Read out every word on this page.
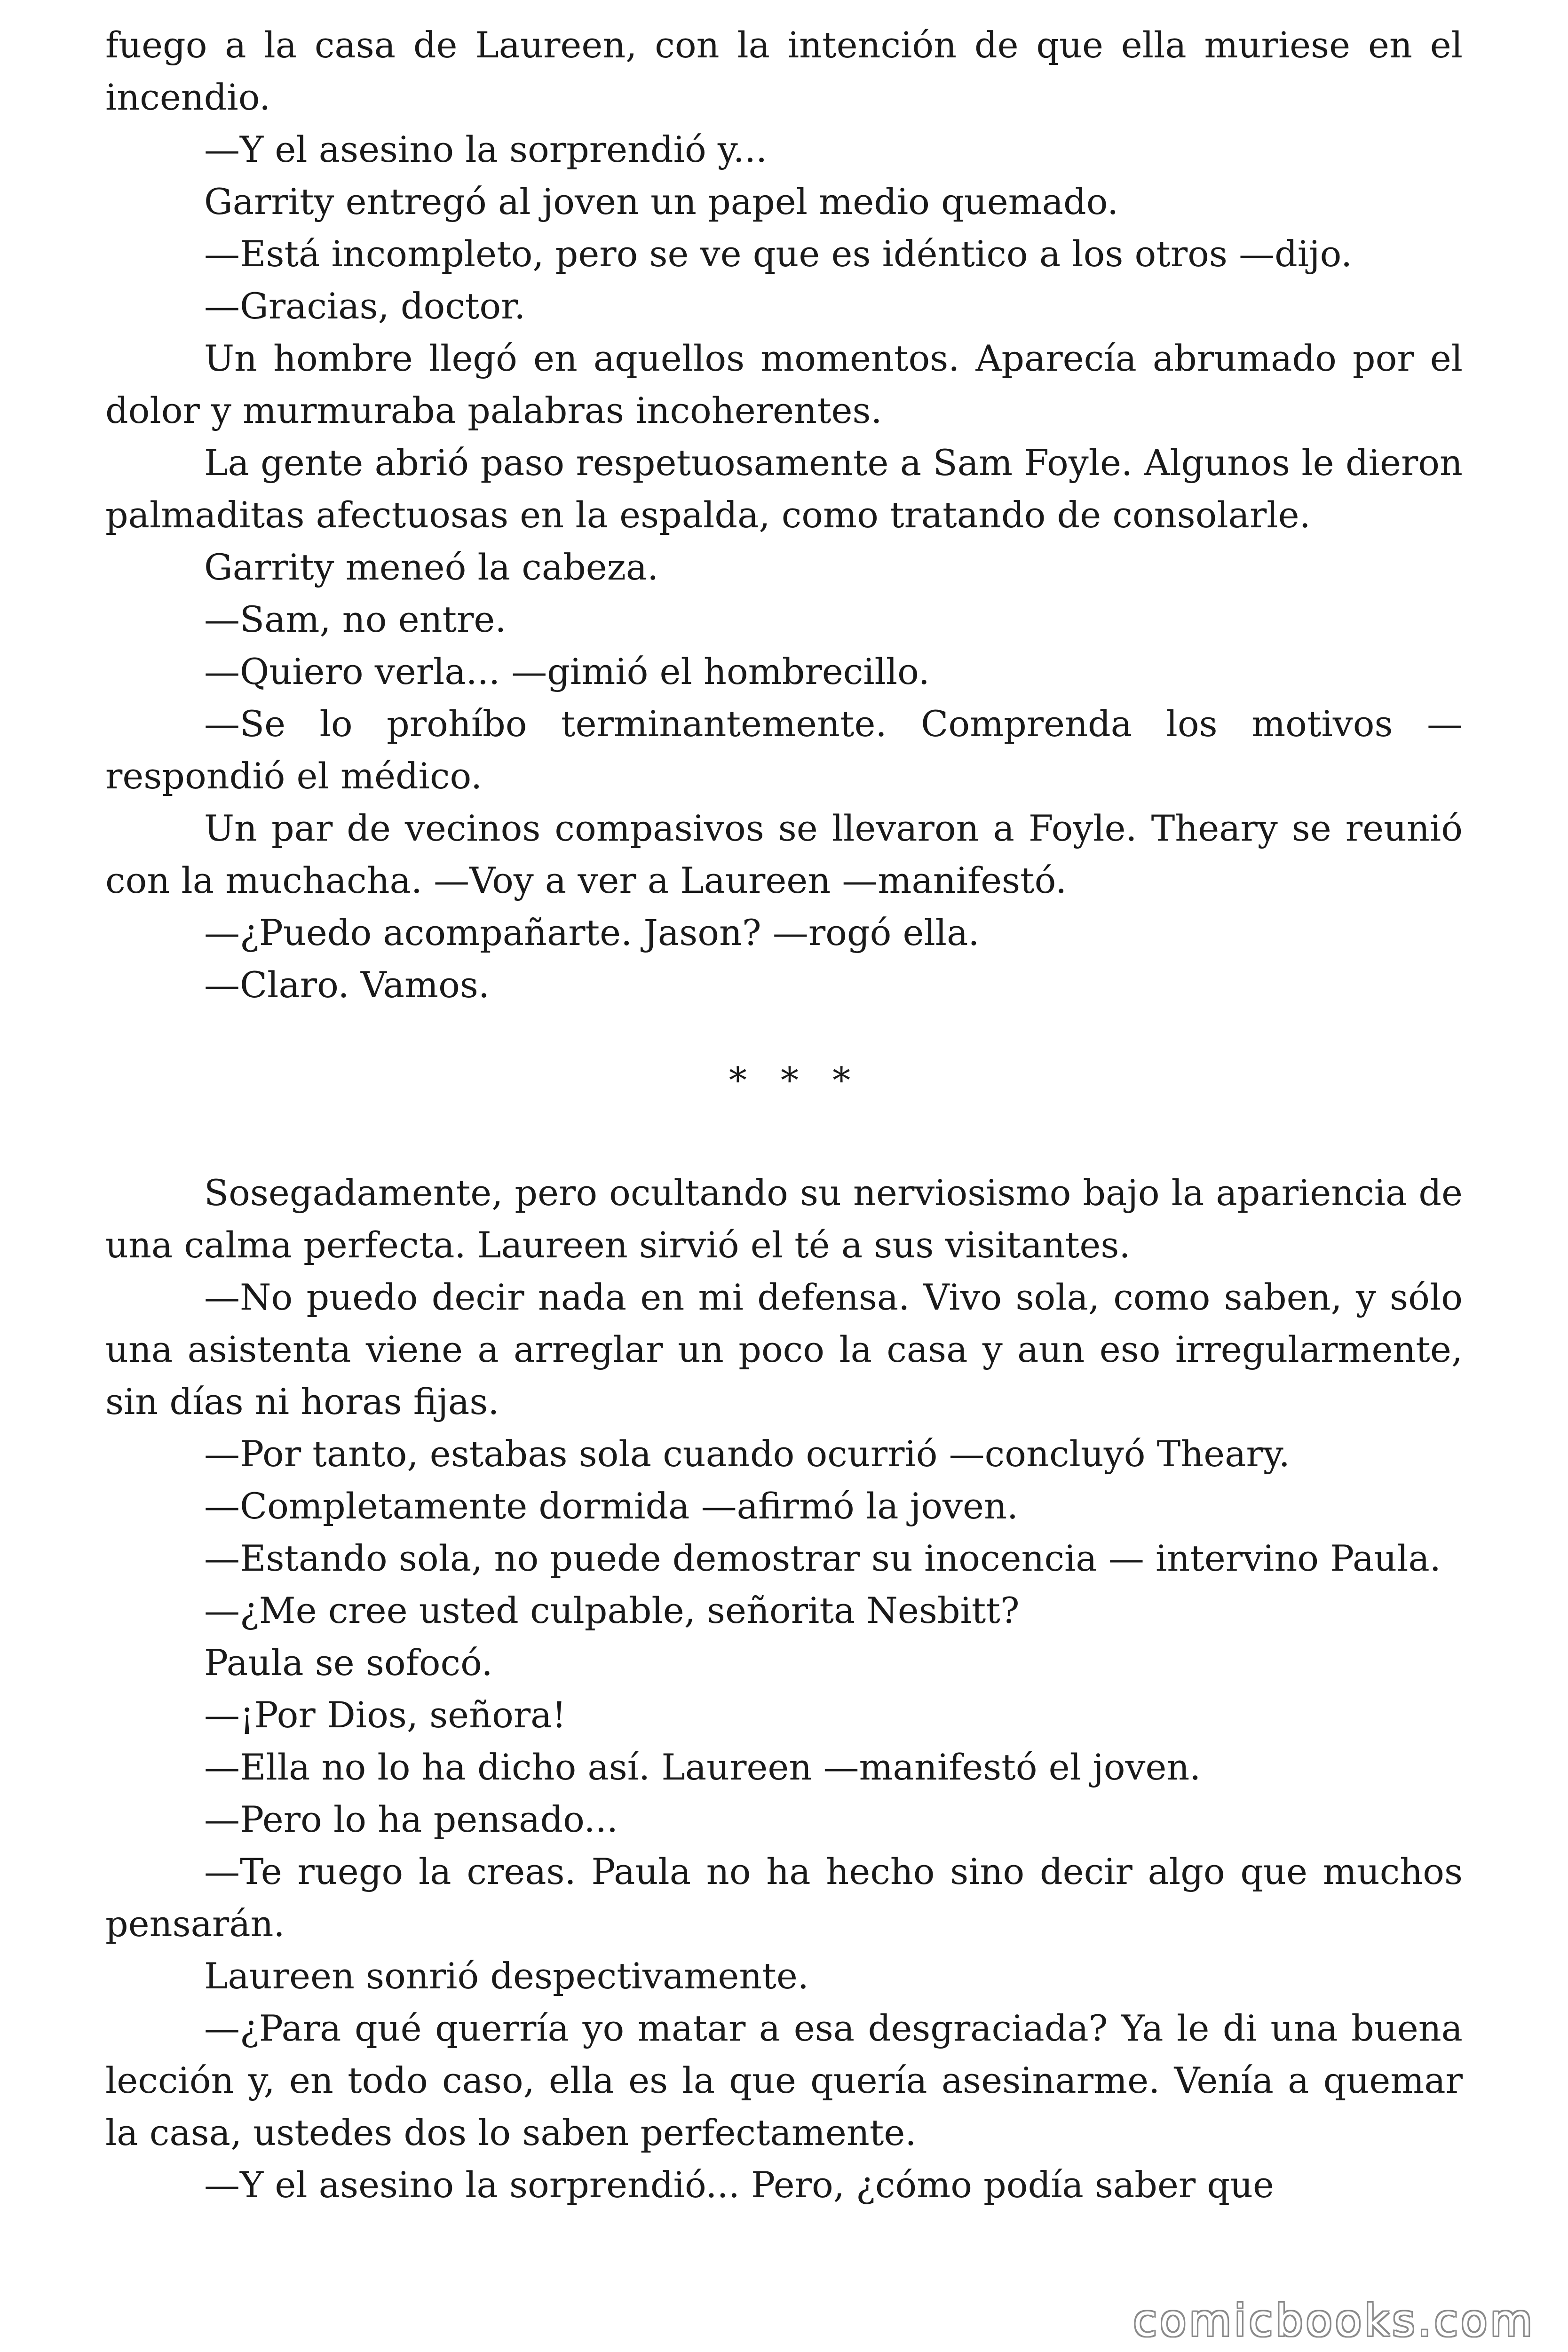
fuego a la casa de Laureen, con la intención de que ella muriese en el incendio.

—Y el asesino la sorprendió y...

Garrity entregó al joven un papel medio quemado.

—Está incompleto, pero se ve que es idéntico a los otros —dijo.

—Gracias, doctor.

Un hombre llegó en aquellos momentos. Aparecía abrumado por el dolor y murmuraba palabras incoherentes.

La gente abrió paso respetuosamente a Sam Foyle. Algunos le dieron palmaditas afectuosas en la espalda, como tratando de consolarle.

Garrity meneó la cabeza.

—Sam, no entre.

—Quiero verla... —gimió el hombrecillo.

—Se lo prohíbo terminantemente. Comprenda los motivos —respondió el médico.

Un par de vecinos compasivos se llevaron a Foyle. Theary se reunió con la muchacha. —Voy a ver a Laureen —manifestó.

—¿Puedo acompañarte. Jason? —rogó ella.

—Claro. Vamos.

* * *

Sosegadamente, pero ocultando su nerviosismo bajo la apariencia de una calma perfecta. Laureen sirvió el té a sus visitantes.

—No puedo decir nada en mi defensa. Vivo sola, como saben, y sólo una asistenta viene a arreglar un poco la casa y aun eso irregularmente, sin días ni horas fijas.

—Por tanto, estabas sola cuando ocurrió —concluyó Theary.

—Completamente dormida —afirmó la joven.

—Estando sola, no puede demostrar su inocencia — intervino Paula.

—¿Me cree usted culpable, señorita Nesbitt?

Paula se sofocó.

—¡Por Dios, señora!

—Ella no lo ha dicho así. Laureen —manifestó el joven.

—Pero lo ha pensado...

—Te ruego la creas. Paula no ha hecho sino decir algo que muchos pensarán.

Laureen sonrió despectivamente.

—¿Para qué querría yo matar a esa desgraciada? Ya le di una buena lección y, en todo caso, ella es la que quería asesinarme. Venía a quemar la casa, ustedes dos lo saben perfectamente.

—Y el asesino la sorprendió... Pero, ¿cómo podía saber que

comicbooks.com
